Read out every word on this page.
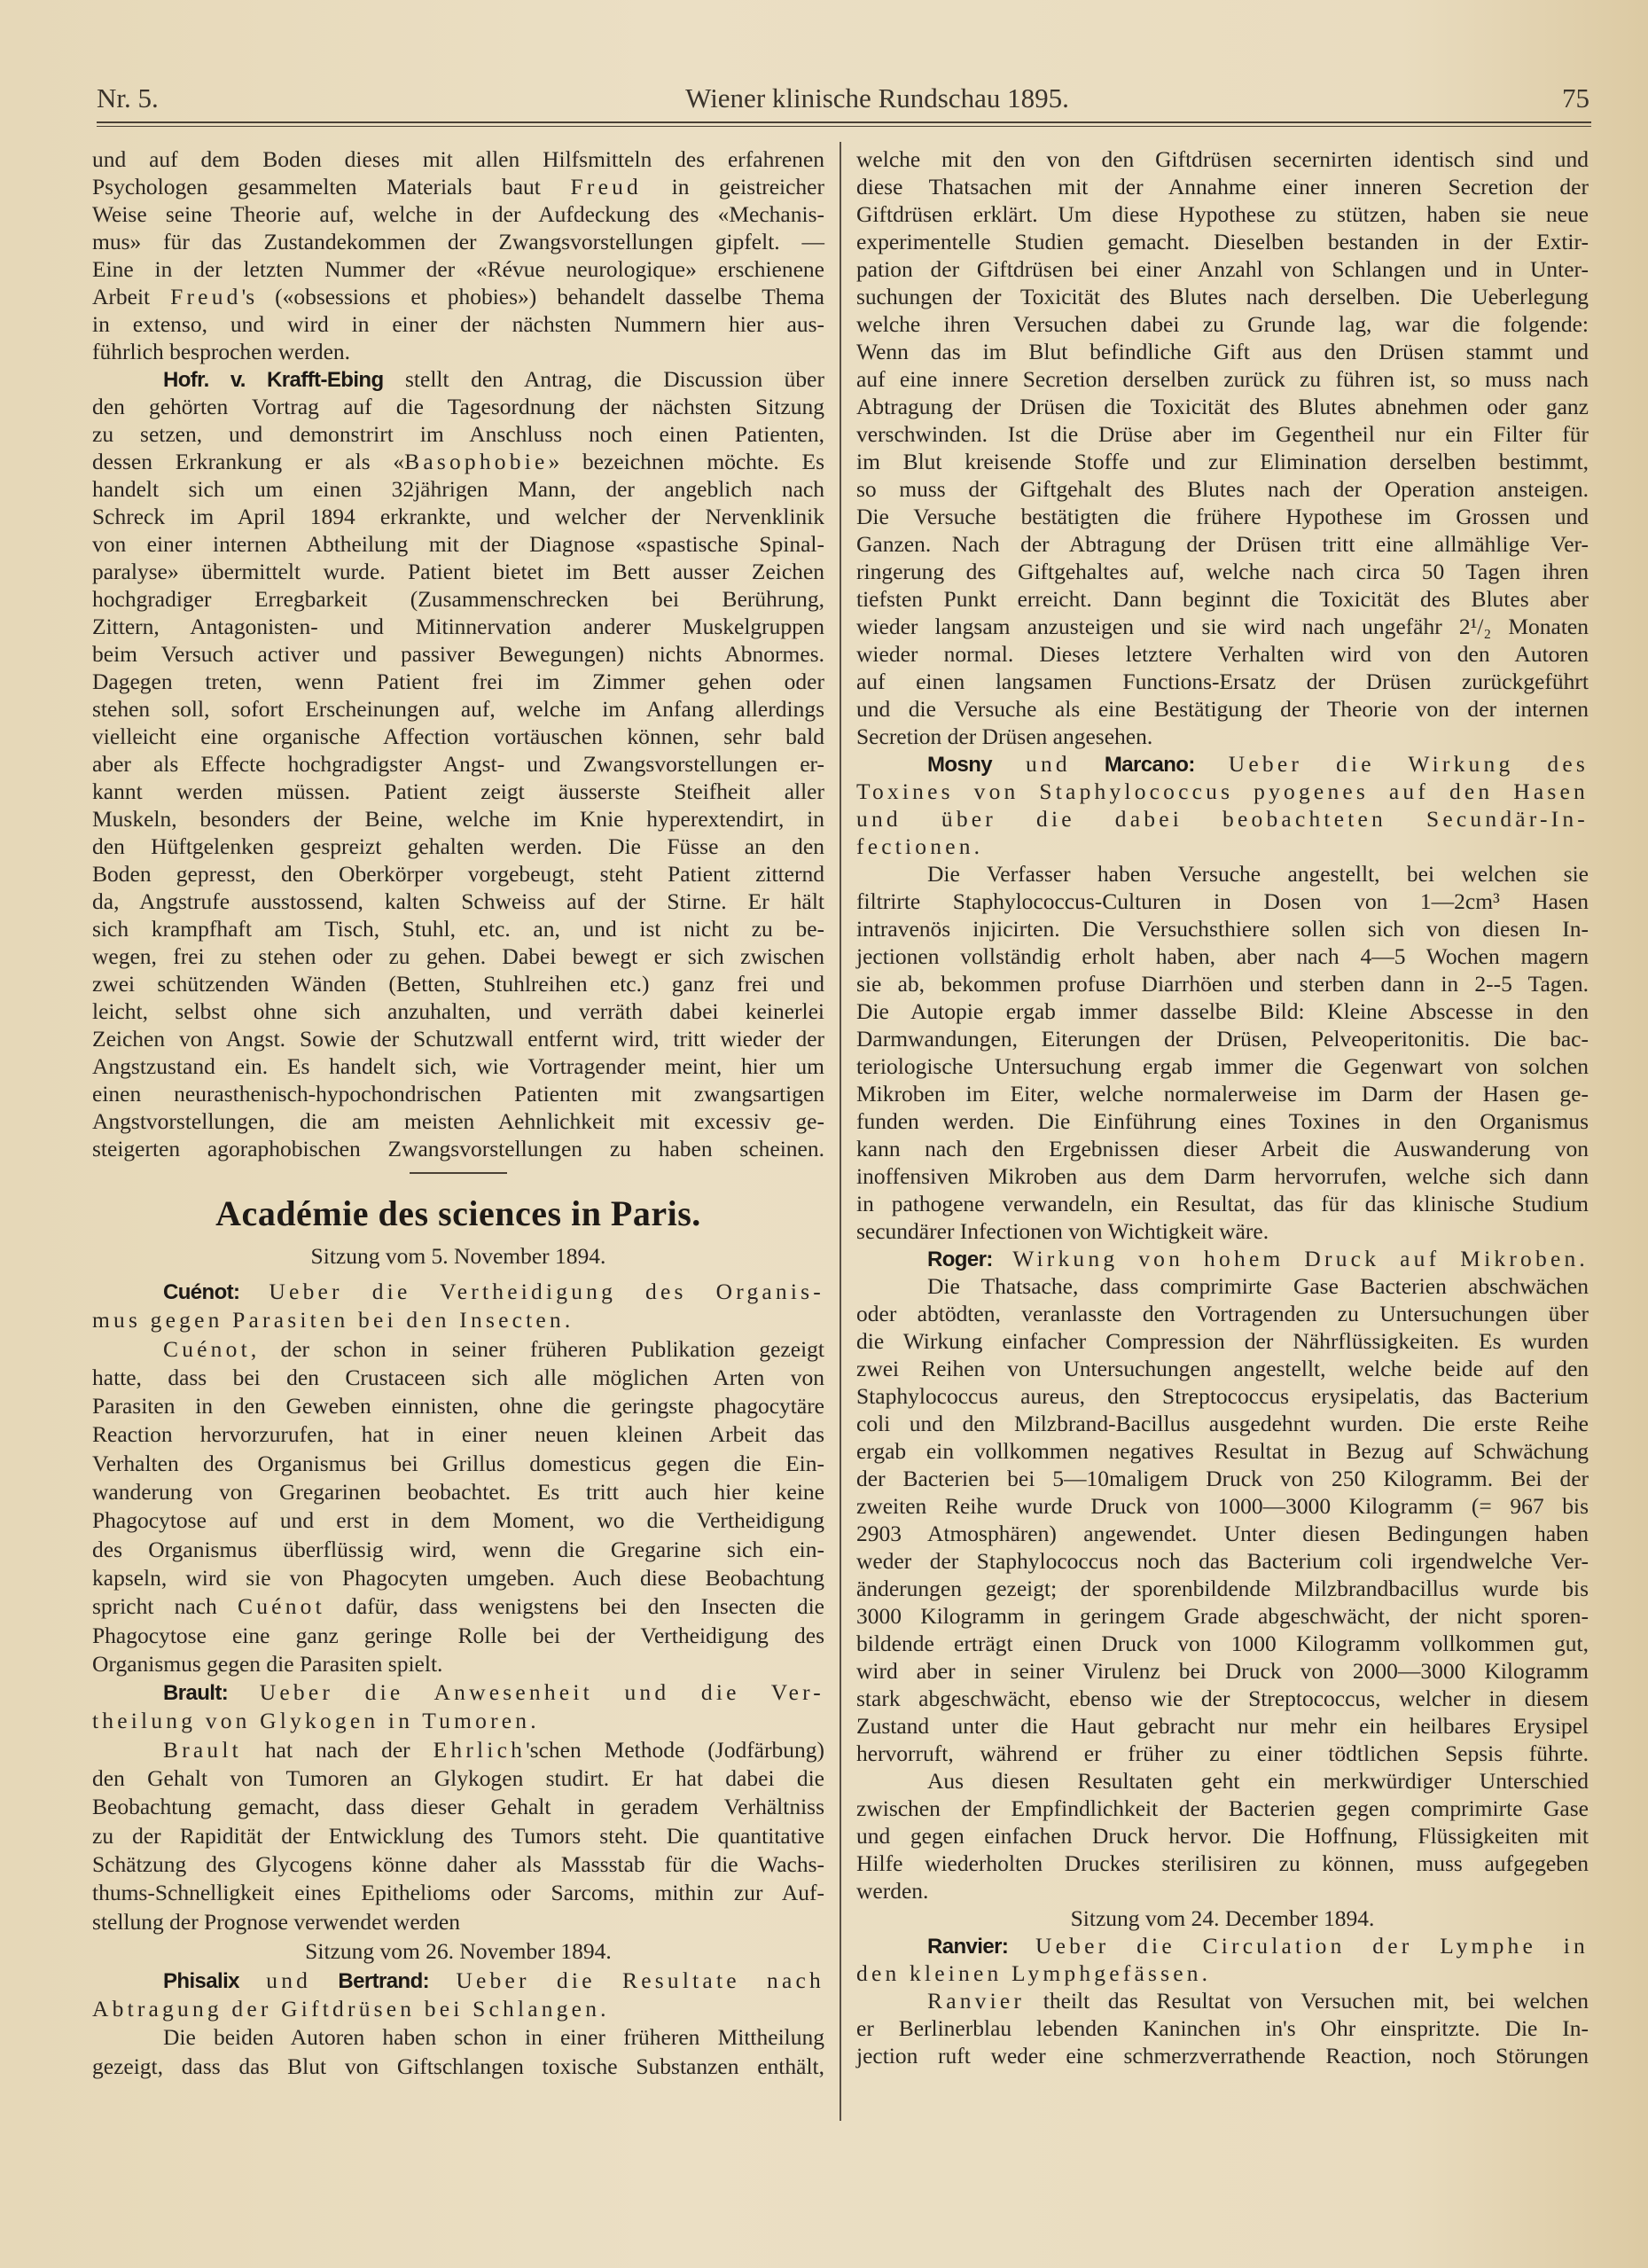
Nr. 5.	Wiener klinische Rundschau 1895.	75
und auf dem Boden dieses mit allen Hilfsmitteln des erfahrenen
Psychologen gesammelten Materials baut Freud in geistreicher
Weise seine Theorie auf, welche in der Aufdeckung des «Mechanis-
mus» für das Zustandekommen der Zwangsvorstellungen gipfelt. —
Eine in der letzten Nummer der «Révue neurologique» erschienene
Arbeit Freud's («obsessions et phobies») behandelt dasselbe Thema
in extenso, und wird in einer der nächsten Nummern hier aus-
führlich besprochen werden.
Hofr. v. Krafft-Ebing stellt den Antrag, die Discussion über
den gehörten Vortrag auf die Tagesordnung der nächsten Sitzung
zu setzen, und demonstrirt im Anschluss noch einen Patienten,
dessen Erkrankung er als «Basophobie» bezeichnen möchte. Es
handelt sich um einen 32jährigen Mann, der angeblich nach
Schreck im April 1894 erkrankte, und welcher der Nervenklinik
von einer internen Abtheilung mit der Diagnose «spastische Spinal-
paralyse» übermittelt wurde. Patient bietet im Bett ausser Zeichen
hochgradiger Erregbarkeit (Zusammenschrecken bei Berührung,
Zittern, Antagonisten- und Mitinnervation anderer Muskelgruppen
beim Versuch activer und passiver Bewegungen) nichts Abnormes.
Dagegen treten, wenn Patient frei im Zimmer gehen oder
stehen soll, sofort Erscheinungen auf, welche im Anfang allerdings
vielleicht eine organische Affection vortäuschen können, sehr bald
aber als Effecte hochgradigster Angst- und Zwangsvorstellungen er-
kannt werden müssen. Patient zeigt äusserste Steifheit aller
Muskeln, besonders der Beine, welche im Knie hyperextendirt, in
den Hüftgelenken gespreizt gehalten werden. Die Füsse an den
Boden gepresst, den Oberkörper vorgebeugt, steht Patient zitternd
da, Angstrufe ausstossend, kalten Schweiss auf der Stirne. Er hält
sich krampfhaft am Tisch, Stuhl, etc. an, und ist nicht zu be-
wegen, frei zu stehen oder zu gehen. Dabei bewegt er sich zwischen
zwei schützenden Wänden (Betten, Stuhlreihen etc.) ganz frei und
leicht, selbst ohne sich anzuhalten, und verräth dabei keinerlei
Zeichen von Angst. Sowie der Schutzwall entfernt wird, tritt wieder der
Angstzustand ein. Es handelt sich, wie Vortragender meint, hier um
einen neurasthenisch-hypochondrischen Patienten mit zwangsartigen
Angstvorstellungen, die am meisten Aehnlichkeit mit excessiv ge-
steigerten agoraphobischen Zwangsvorstellungen zu haben scheinen.
Académie des sciences in Paris.
Sitzung vom 5. November 1894.
Cuénot: Ueber die Vertheidigung des Organis-
mus gegen Parasiten bei den Insecten.
Cuénot, der schon in seiner früheren Publikation gezeigt
hatte, dass bei den Crustaceen sich alle möglichen Arten von
Parasiten in den Geweben einnisten, ohne die geringste phagocytäre
Reaction hervorzurufen, hat in einer neuen kleinen Arbeit das
Verhalten des Organismus bei Grillus domesticus gegen die Ein-
wanderung von Gregarinen beobachtet. Es tritt auch hier keine
Phagocytose auf und erst in dem Moment, wo die Vertheidigung
des Organismus überflüssig wird, wenn die Gregarine sich ein-
kapseln, wird sie von Phagocyten umgeben. Auch diese Beobachtung
spricht nach Cuénot dafür, dass wenigstens bei den Insecten die
Phagocytose eine ganz geringe Rolle bei der Vertheidigung des
Organismus gegen die Parasiten spielt.
Brault: Ueber die Anwesenheit und die Ver-
theilung von Glykogen in Tumoren.
Brault hat nach der Ehrlich'schen Methode (Jodfärbung)
den Gehalt von Tumoren an Glykogen studirt. Er hat dabei die
Beobachtung gemacht, dass dieser Gehalt in geradem Verhältniss
zu der Rapidität der Entwicklung des Tumors steht. Die quantitative
Schätzung des Glycogens könne daher als Massstab für die Wachs-
thums-Schnelligkeit eines Epithelioms oder Sarcoms, mithin zur Auf-
stellung der Prognose verwendet werden
Sitzung vom 26. November 1894.
Phisalix und Bertrand: Ueber die Resultate nach
Abtragung der Giftdrüsen bei Schlangen.
Die beiden Autoren haben schon in einer früheren Mittheilung
gezeigt, dass das Blut von Giftschlangen toxische Substanzen enthält,
welche mit den von den Giftdrüsen secernirten identisch sind und
diese Thatsachen mit der Annahme einer inneren Secretion der
Giftdrüsen erklärt. Um diese Hypothese zu stützen, haben sie neue
experimentelle Studien gemacht. Dieselben bestanden in der Extir-
pation der Giftdrüsen bei einer Anzahl von Schlangen und in Unter-
suchungen der Toxicität des Blutes nach derselben. Die Ueberlegung
welche ihren Versuchen dabei zu Grunde lag, war die folgende:
Wenn das im Blut befindliche Gift aus den Drüsen stammt und
auf eine innere Secretion derselben zurück zu führen ist, so muss nach
Abtragung der Drüsen die Toxicität des Blutes abnehmen oder ganz
verschwinden. Ist die Drüse aber im Gegentheil nur ein Filter für
im Blut kreisende Stoffe und zur Elimination derselben bestimmt,
so muss der Giftgehalt des Blutes nach der Operation ansteigen.
Die Versuche bestätigten die frühere Hypothese im Grossen und
Ganzen. Nach der Abtragung der Drüsen tritt eine allmählige Ver-
ringerung des Giftgehaltes auf, welche nach circa 50 Tagen ihren
tiefsten Punkt erreicht. Dann beginnt die Toxicität des Blutes aber
wieder langsam anzusteigen und sie wird nach ungefähr 2¹/₂ Monaten
wieder normal. Dieses letztere Verhalten wird von den Autoren
auf einen langsamen Functions-Ersatz der Drüsen zurückgeführt
und die Versuche als eine Bestätigung der Theorie von der internen
Secretion der Drüsen angesehen.
Mosny und Marcano: Ueber die Wirkung des
Toxines von Staphylococcus pyogenes auf den Hasen
und über die dabei beobachteten Secundär-In-
fectionen.
Die Verfasser haben Versuche angestellt, bei welchen sie
filtrirte Staphylococcus-Culturen in Dosen von 1—2cm³ Hasen
intravenös injicirten. Die Versuchsthiere sollen sich von diesen In-
jectionen vollständig erholt haben, aber nach 4—5 Wochen magern
sie ab, bekommen profuse Diarrhöen und sterben dann in 2--5 Tagen.
Die Autopie ergab immer dasselbe Bild: Kleine Abscesse in den
Darmwandungen, Eiterungen der Drüsen, Pelveoperitonitis. Die bac-
teriologische Untersuchung ergab immer die Gegenwart von solchen
Mikroben im Eiter, welche normalerweise im Darm der Hasen ge-
funden werden. Die Einführung eines Toxines in den Organismus
kann nach den Ergebnissen dieser Arbeit die Auswanderung von
inoffensiven Mikroben aus dem Darm hervorrufen, welche sich dann
in pathogene verwandeln, ein Resultat, das für das klinische Studium
secundärer Infectionen von Wichtigkeit wäre.
Roger: Wirkung von hohem Druck auf Mikroben.
Die Thatsache, dass comprimirte Gase Bacterien abschwächen
oder abtödten, veranlasste den Vortragenden zu Untersuchungen über
die Wirkung einfacher Compression der Nährflüssigkeiten. Es wurden
zwei Reihen von Untersuchungen angestellt, welche beide auf den
Staphylococcus aureus, den Streptococcus erysipelatis, das Bacterium
coli und den Milzbrand-Bacillus ausgedehnt wurden. Die erste Reihe
ergab ein vollkommen negatives Resultat in Bezug auf Schwächung
der Bacterien bei 5—10maligem Druck von 250 Kilogramm. Bei der
zweiten Reihe wurde Druck von 1000—3000 Kilogramm (= 967 bis
2903 Atmosphären) angewendet. Unter diesen Bedingungen haben
weder der Staphylococcus noch das Bacterium coli irgendwelche Ver-
änderungen gezeigt; der sporenbildende Milzbrandbacillus wurde bis
3000 Kilogramm in geringem Grade abgeschwächt, der nicht sporen-
bildende erträgt einen Druck von 1000 Kilogramm vollkommen gut,
wird aber in seiner Virulenz bei Druck von 2000—3000 Kilogramm
stark abgeschwächt, ebenso wie der Streptococcus, welcher in diesem
Zustand unter die Haut gebracht nur mehr ein heilbares Erysipel
hervorruft, während er früher zu einer tödtlichen Sepsis führte.
Aus diesen Resultaten geht ein merkwürdiger Unterschied
zwischen der Empfindlichkeit der Bacterien gegen comprimirte Gase
und gegen einfachen Druck hervor. Die Hoffnung, Flüssigkeiten mit
Hilfe wiederholten Druckes sterilisiren zu können, muss aufgegeben
werden.
Sitzung vom 24. December 1894.
Ranvier: Ueber die Circulation der Lymphe in
den kleinen Lymphgefässen.
Ranvier theilt das Resultat von Versuchen mit, bei welchen
er Berlinerblau lebenden Kaninchen in's Ohr einspritzte. Die In-
jection ruft weder eine schmerzverrathende Reaction, noch Störungen
